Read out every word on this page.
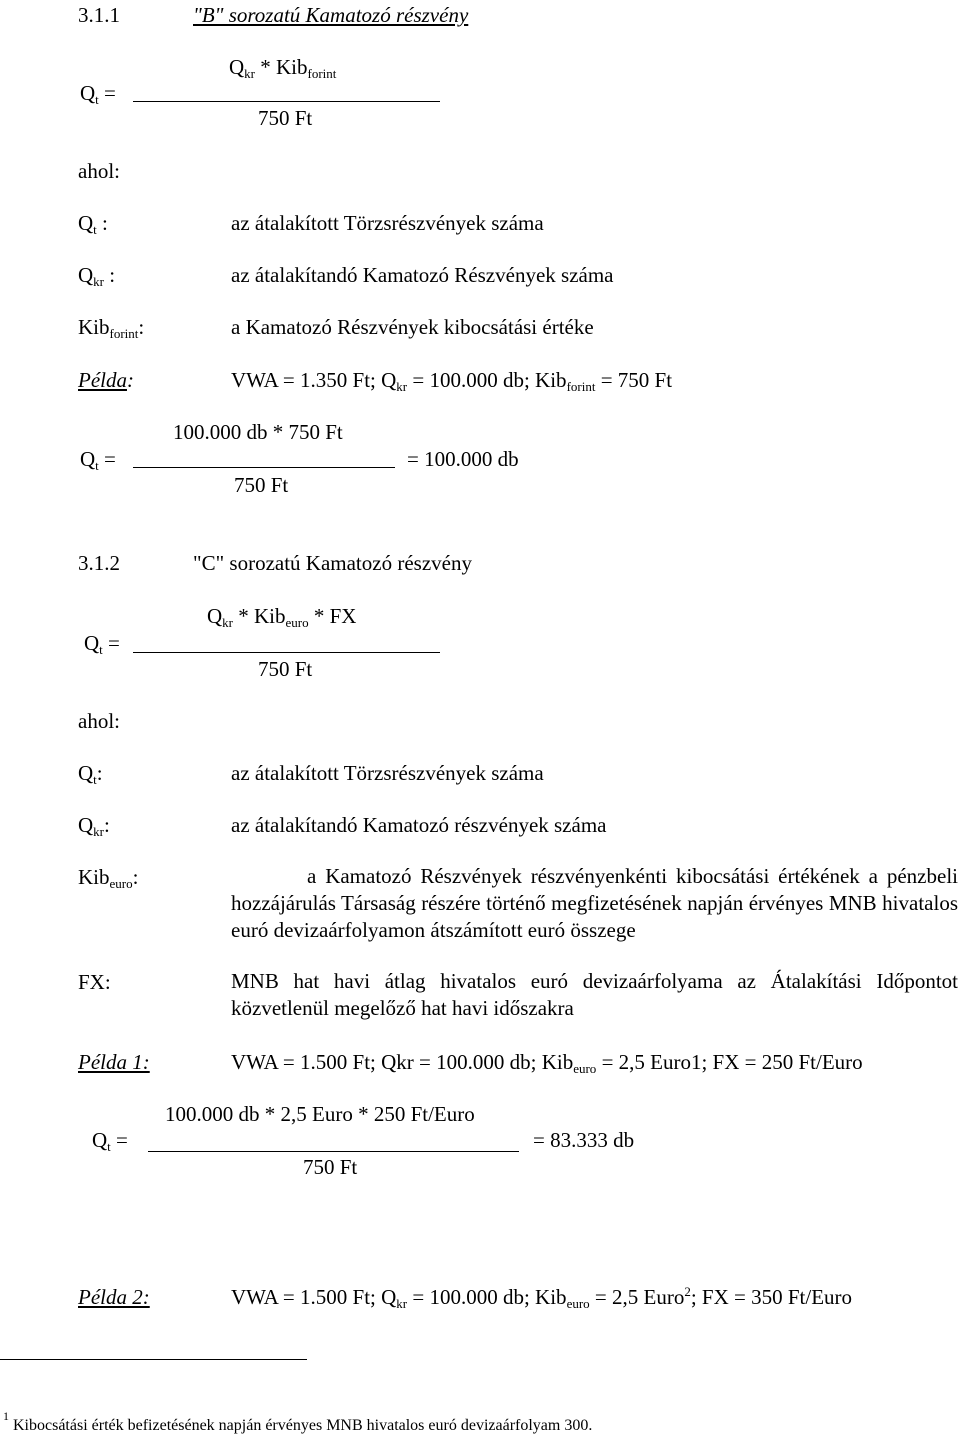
3.1.1	"B" sorozatú Kamatozó részvény
$Q_{kr} * Kib_{forint}$
$Q_t$ =
750 Ft
ahol:
$Q_t$ :	az átalakított Törzsrészvények száma
$Q_{kr}$ :	az átalakítandó Kamatozó Részvények száma
Kib$_{forint}$:	a Kamatozó Részvények kibocsátási értéke
Példa:	VWA = 1.350 Ft; $Q_{kr} = 100.000$ db; Kib$_{forint}$ = 750 Ft
100.000 db * 750 Ft
$Q_t$ =	= 100.000 db
750 Ft
3.1.2	"C" sorozatú Kamatozó részvény
$Q_{kr} * Kib_{euro}$ * FX
$Q_t$ =
750 Ft
ahol:
$Q_t$:	az átalakított Törzsrészvények száma
$Q_{kr}$:	az átalakítandó Kamatozó részvények száma
Kib$_{euro}$:	a Kamatozó Részvények részvényenkénti kibocsátási értékének a pénzbeli hozzájárulás Társaság részére történő megfizetésének napján érvényes MNB hivatalos euró devizaárfolyamon átszámított euró összege
FX:	MNB hat havi átlag hivatalos euró devizaárfolyama az Átalakítási Időpontot közvetlenül megelőző hat havi időszakra
Példa 1:	VWA = 1.500 Ft; Qkr = 100.000 db; Kib$_{euro}$ = 2,5 Euro1; FX = 250 Ft/Euro
100.000 db * 2,5 Euro * 250 Ft/Euro
$Q_t$ =	= 83.333 db
750 Ft
Példa 2:	VWA = 1.500 Ft; $Q_{kr} = 100.000$ db; Kib$_{euro}$ = 2,5 Euro$^2$; FX = 350 Ft/Euro
$^1$ Kibocsátási érték befizetésének napján érvényes MNB hivatalos euró devizaárfolyam 300.
